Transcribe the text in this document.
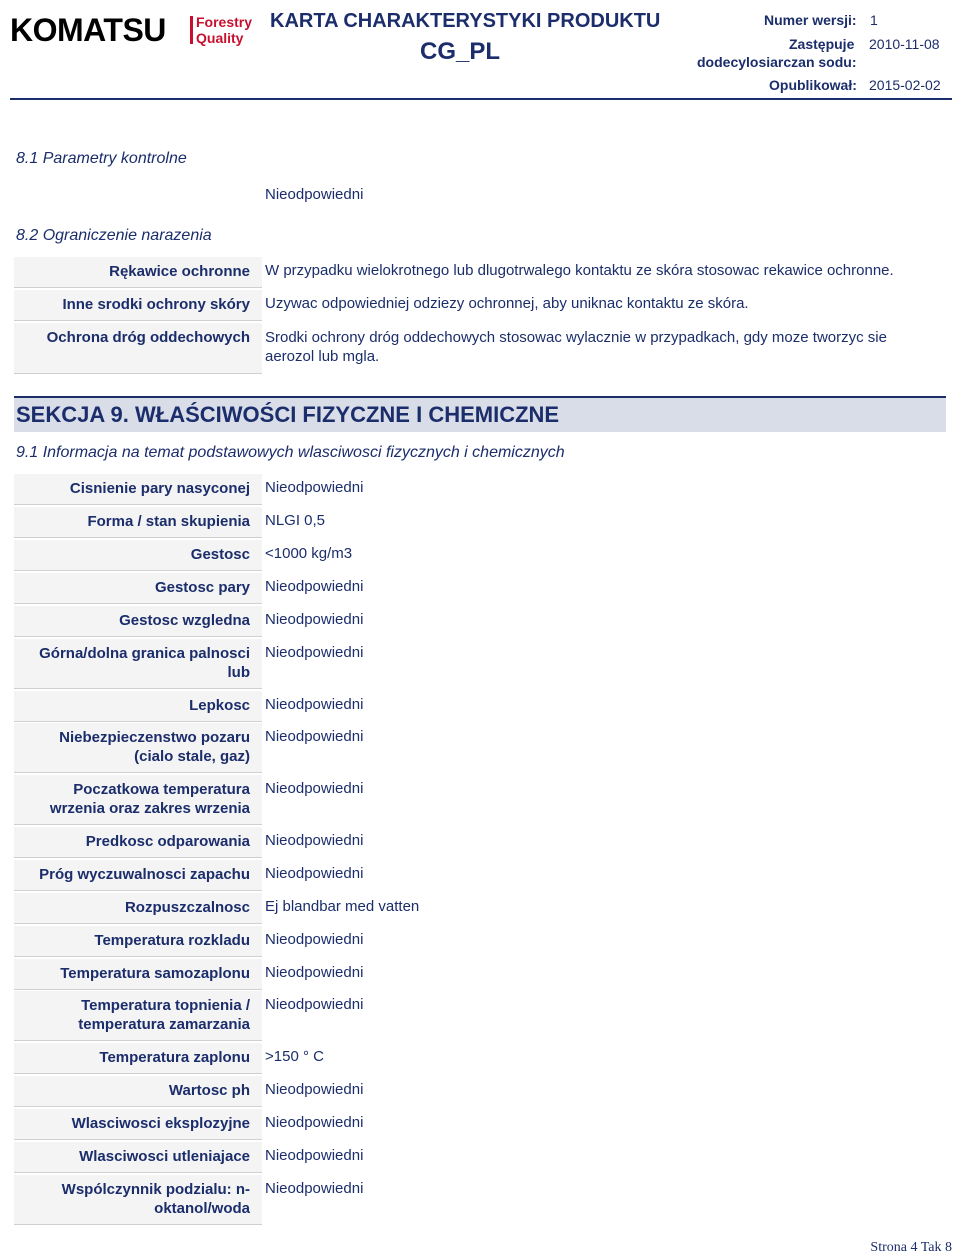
KOMATSU Forestry
Quality
KARTA CHARAKTERYSTYKI PRODUKTU
CG_PL
Numer wersji: 1
Zastępuje 2010-11-08
dodecylosiarczan sodu:
Opublikował: 2015-02-02
8.1 Parametry kontrolne
Nieodpowiedni
8.2 Ograniczenie narazenia
Rękawice ochronne W przypadku wielokrotnego lub dlugotrwalego kontaktu ze skóra stosowac rekawice ochronne.
Inne srodki ochrony skóry Uzywac odpowiedniej odziezy ochronnej, aby uniknac kontaktu ze skóra.
Ochrona dróg oddechowych Srodki ochrony dróg oddechowych stosowac wylacznie w przypadkach, gdy moze tworzyc sie aerozol lub mgla.
SEKCJA 9. WŁAŚCIWOŚCI FIZYCZNE I CHEMICZNE
9.1 Informacja na temat podstawowych wlasciwosci fizycznych i chemicznych
Cisnienie pary nasyconej Nieodpowiedni
Forma / stan skupienia NLGI 0,5
Gestosc <1000 kg/m3
Gestosc pary Nieodpowiedni
Gestosc wzgledna Nieodpowiedni
Górna/dolna granica palnosci lub
Nieodpowiedni
Lepkosc Nieodpowiedni
Niebezpieczenstwo pozaru (cialo stale, gaz)
Nieodpowiedni
Poczatkowa temperatura wrzenia oraz zakres wrzenia
Nieodpowiedni
Predkosc odparowania Nieodpowiedni
Próg wyczuwalnosci zapachu Nieodpowiedni
Rozpuszczalnosc Ej blandbar med vatten
Temperatura rozkladu Nieodpowiedni
Temperatura samozaplonu Nieodpowiedni
Temperatura topnienia / temperatura zamarzania
Nieodpowiedni
Temperatura zaplonu >150 ° C
Wartosc ph Nieodpowiedni
Wlasciwosci eksplozyjne Nieodpowiedni
Wlasciwosci utleniajace Nieodpowiedni
Wspólczynnik podzialu: n-oktanol/woda
Nieodpowiedni
Strona 4 Tak 8
